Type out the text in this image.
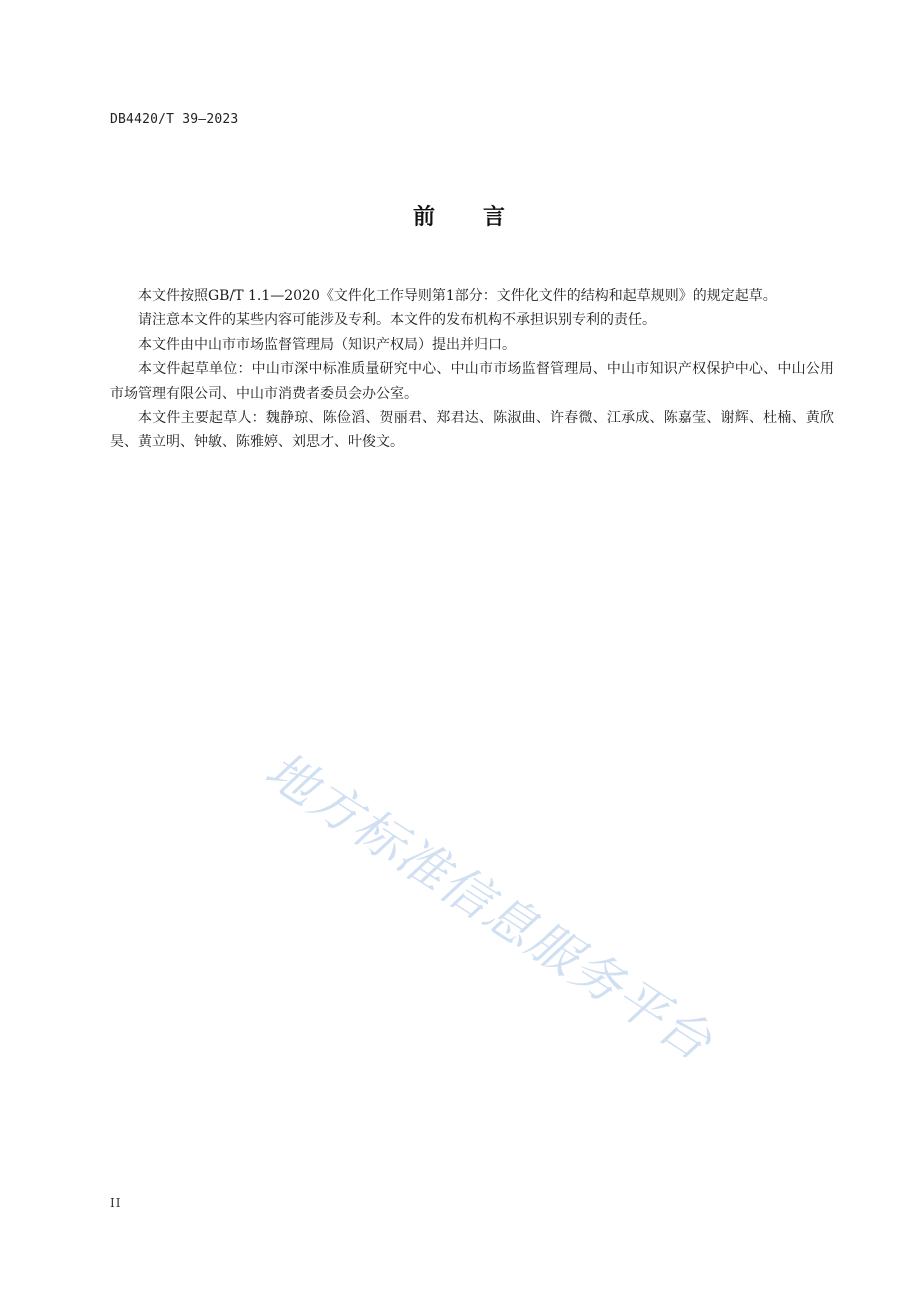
DB4420/T 39—2023
前 言

本文件按照GB/T 1.1—2020《文件化工作导则第1部分：文件化文件的结构和起草规则》的规定起草。

请注意本文件的某些内容可能涉及专利。本文件的发布机构不承担识别专利的责任。

本文件由中山市市场监督管理局（知识产权局）提出并归口。

本文件起草单位：中山市深中标准质量研究中心、中山市市场监督管理局、中山市知识产权保护中心、中山公用市场管理有限公司、中山市消费者委员会办公室。

本文件主要起草人：魏静琼、陈俭滔、贺丽君、郑君达、陈淑曲、许春微、江承成、陈嘉莹、谢辉、杜楠、黄欣昊、黄立明、钟敏、陈雅婷、刘思才、叶俊文。

地方标准信息服务平台
II
